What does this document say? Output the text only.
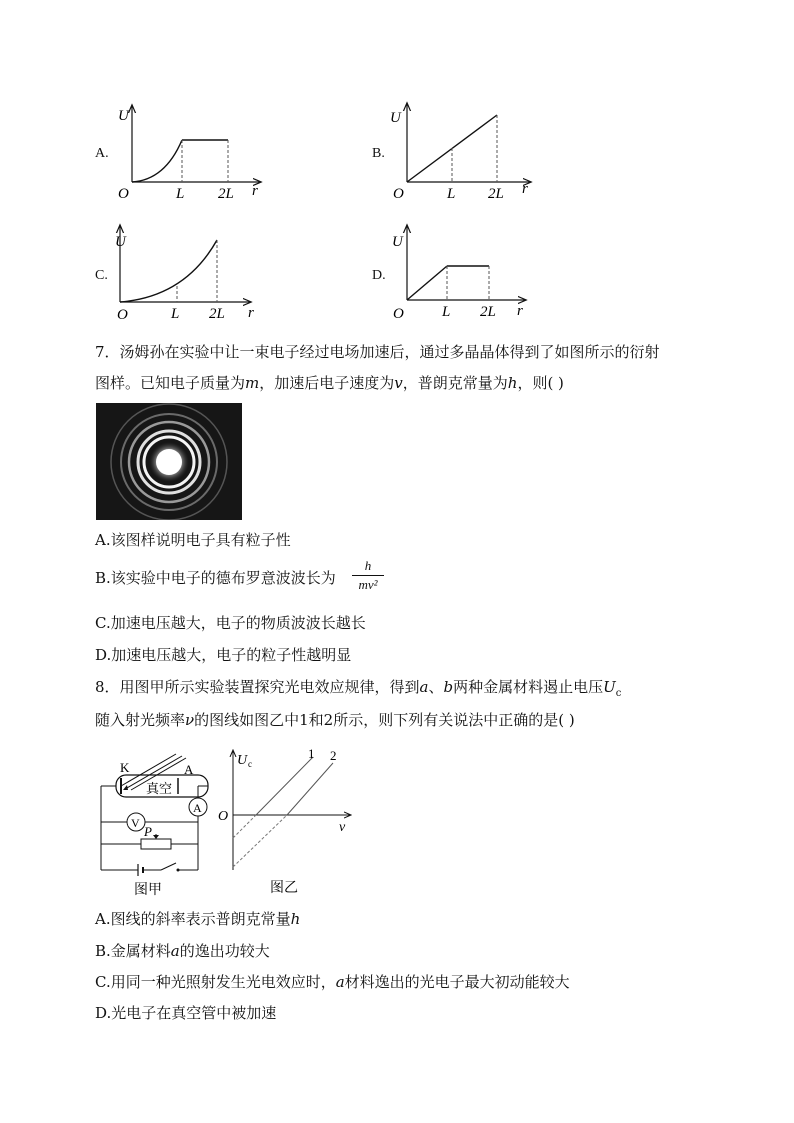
A.
U
O	L 2L r
B.
U
O	L 2L r
C.
U
O	L 2L r
D.
U
O	L 2L r
7．汤姆孙在实验中让一束电子经过电场加速后，通过多晶晶体得到了如图所示的衍射
图样。已知电子质量为m，加速后电子速度为v，普朗克常量为h，则( )
A.该图样说明电子具有粒子性
B.该实验中电子的德布罗意波波长为
h
mv²
C.加速电压越大，电子的物质波波长越长
D.加速电压越大，电子的粒子性越明显
8．用图甲所示实验装置探究光电效应规律，得到a、b两种金属材料遏止电压$U_c$
随入射光频率ν的图线如图乙中1和2所示，则下列有关说法中正确的是( )
K	A
真空
A
V
P
图甲
U c
O
ν
1 2
图乙
A.图线的斜率表示普朗克常量h
B.金属材料a的逸出功较大
C.用同一种光照射发生光电效应时，a材料逸出的光电子最大初动能较大
D.光电子在真空管中被加速
